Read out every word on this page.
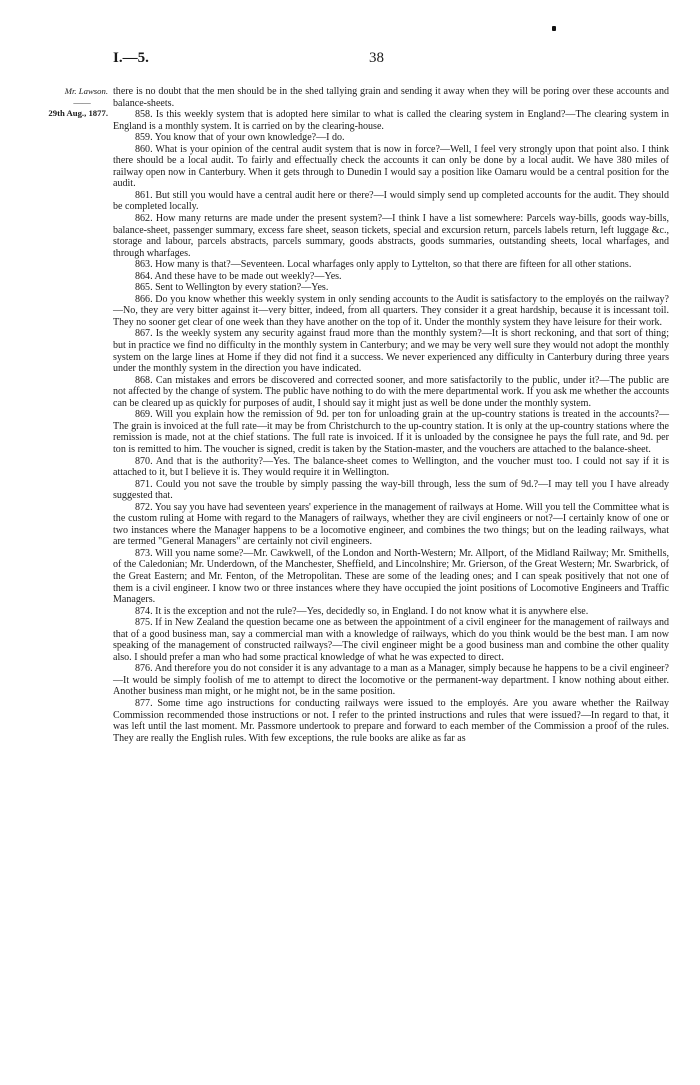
I.—5.	38
Mr. Lawson.
——
29th Aug., 1877.

there is no doubt that the men should be in the shed tallying grain and sending it away when they will be poring over these accounts and balance-sheets.

858. Is this weekly system that is adopted here similar to what is called the clearing system in England?—The clearing system in England is a monthly system. It is carried on by the clearing-house.

859. You know that of your own knowledge?—I do.

860. What is your opinion of the central audit system that is now in force?—Well, I feel very strongly upon that point also. I think there should be a local audit. To fairly and effectually check the accounts it can only be done by a local audit. We have 380 miles of railway open now in Canterbury. When it gets through to Dunedin I would say a position like Oamaru would be a central position for the audit.

861. But still you would have a central audit here or there?—I would simply send up completed accounts for the audit. They should be completed locally.

862. How many returns are made under the present system?—I think I have a list somewhere: Parcels way-bills, goods way-bills, balance-sheet, passenger summary, excess fare sheet, season tickets, special and excursion return, parcels labels return, left luggage &c., storage and labour, parcels abstracts, parcels summary, goods abstracts, goods summaries, outstanding sheets, local wharfages, and through wharfages.

863. How many is that?—Seventeen. Local wharfages only apply to Lyttelton, so that there are fifteen for all other stations.

864. And these have to be made out weekly?—Yes.

865. Sent to Wellington by every station?—Yes.

866. Do you know whether this weekly system in only sending accounts to the Audit is satisfactory to the employés on the railway?—No, they are very bitter against it—very bitter, indeed, from all quarters. They consider it a great hardship, because it is incessant toil. They no sooner get clear of one week than they have another on the top of it. Under the monthly system they have leisure for their work.

867. Is the weekly system any security against fraud more than the monthly system?—It is short reckoning, and that sort of thing; but in practice we find no difficulty in the monthly system in Canterbury; and we may be very well sure they would not adopt the monthly system on the large lines at Home if they did not find it a success. We never experienced any difficulty in Canterbury during three years under the monthly system in the direction you have indicated.

868. Can mistakes and errors be discovered and corrected sooner, and more satisfactorily to the public, under it?—The public are not affected by the change of system. The public have nothing to do with the mere departmental work. If you ask me whether the accounts can be cleared up as quickly for purposes of audit, I should say it might just as well be done under the monthly system.

869. Will you explain how the remission of 9d. per ton for unloading grain at the up-country stations is treated in the accounts?—The grain is invoiced at the full rate—it may be from Christchurch to the up-country station. It is only at the up-country stations where the remission is made, not at the chief stations. The full rate is invoiced. If it is unloaded by the consignee he pays the full rate, and 9d. per ton is remitted to him. The voucher is signed, credit is taken by the Station-master, and the vouchers are attached to the balance-sheet.

870. And that is the authority?—Yes. The balance-sheet comes to Wellington, and the voucher must too. I could not say if it is attached to it, but I believe it is. They would require it in Wellington.

871. Could you not save the trouble by simply passing the way-bill through, less the sum of 9d.?—I may tell you I have already suggested that.

872. You say you have had seventeen years' experience in the management of railways at Home. Will you tell the Committee what is the custom ruling at Home with regard to the Managers of railways, whether they are civil engineers or not?—I certainly know of one or two instances where the Manager happens to be a locomotive engineer, and combines the two things; but on the leading railways, what are termed "General Managers" are certainly not civil engineers.

873. Will you name some?—Mr. Cawkwell, of the London and North-Western; Mr. Allport, of the Midland Railway; Mr. Smithells, of the Caledonian; Mr. Underdown, of the Manchester, Sheffield, and Lincolnshire; Mr. Grierson, of the Great Western; Mr. Swarbrick, of the Great Eastern; and Mr. Fenton, of the Metropolitan. These are some of the leading ones; and I can speak positively that not one of them is a civil engineer. I know two or three instances where they have occupied the joint positions of Locomotive Engineers and Traffic Managers.

874. It is the exception and not the rule?—Yes, decidedly so, in England. I do not know what it is anywhere else.

875. If in New Zealand the question became one as between the appointment of a civil engineer for the management of railways and that of a good business man, say a commercial man with a knowledge of railways, which do you think would be the best man. I am now speaking of the management of constructed railways?—The civil engineer might be a good business man and combine the other quality also. I should prefer a man who had some practical knowledge of what he was expected to direct.

876. And therefore you do not consider it is any advantage to a man as a Manager, simply because he happens to be a civil engineer?—It would be simply foolish of me to attempt to direct the locomotive or the permanent-way department. I know nothing about either. Another business man might, or he might not, be in the same position.

877. Some time ago instructions for conducting railways were issued to the employés. Are you aware whether the Railway Commission recommended those instructions or not. I refer to the printed instructions and rules that were issued?—In regard to that, it was left until the last moment. Mr. Passmore undertook to prepare and forward to each member of the Commission a proof of the rules. They are really the English rules. With few exceptions, the rule books are alike as far as
